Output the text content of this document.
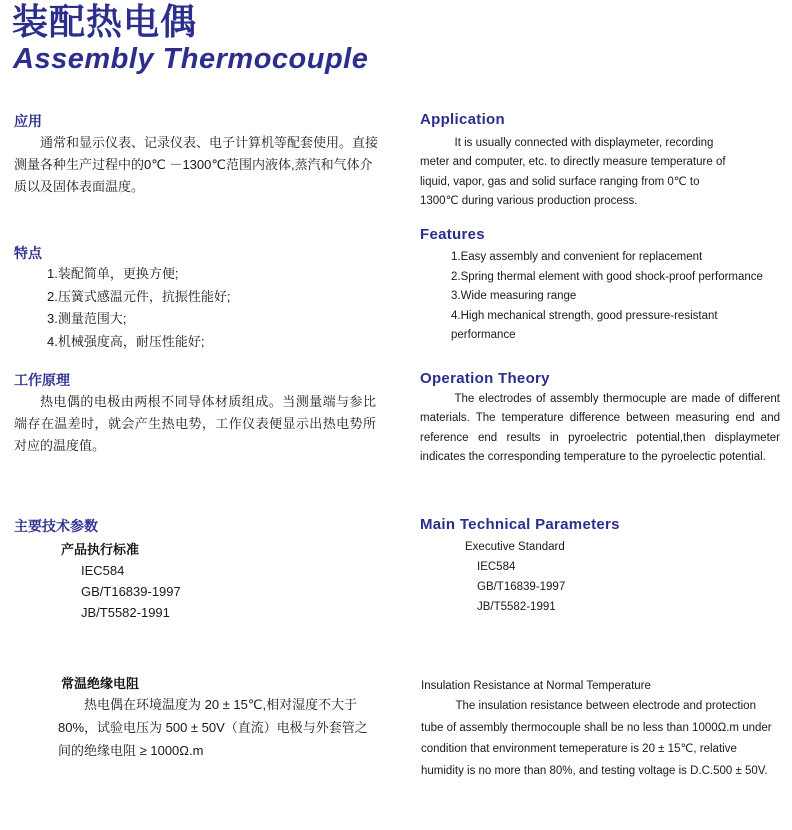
装配热电偶
Assembly Thermocouple
应用
通常和显示仪表、记录仪表、电子计算机等配套使用。直接测量各种生产过程中的0℃ －1300℃范围内液体,蒸汽和气体介质以及固体表面温度。
Application
It is usually connected with displaymeter, recording meter and computer, etc. to directly measure temperature of liquid, vapor, gas and solid surface ranging from 0℃ to 1300℃ during various production process.
特点
1.装配简单，更换方便;
2.压簧式感温元件，抗振性能好;
3.测量范围大;
4.机械强度高，耐压性能好;
Features
1.Easy assembly and convenient for replacement
2.Spring thermal element with good shock-proof performance
3.Wide measuring range
4.High mechanical strength, good pressure-resistant performance
工作原理
热电偶的电极由两根不同导体材质组成。当测量端与参比端存在温差时，就会产生热电势，工作仪表便显示出热电势所对应的温度值。
Operation Theory
The electrodes of assembly thermocuple are made of different materials. The temperature difference between measuring end and reference end results in pyroelectric potential,then displaymeter indicates the corresponding temperature to the pyroelectic potential.
主要技术参数
产品执行标准
IEC584
GB/T16839-1997
JB/T5582-1991
Main Technical Parameters
Executive Standard
IEC584
GB/T16839-1997
JB/T5582-1991
常温绝缘电阻
热电偶在环境温度为 20 ± 15℃,相对湿度不大于 80%，试验电压为 500 ± 50V（直流）电极与外套管之间的绝缘电阻 ≥ 1000Ω.m
Insulation Resistance at Normal Temperature
The insulation resistance between electrode and protection tube of assembly thermocouple shall be no less than 1000Ω.m under condition that environment temeperature is 20 ± 15℃, relative humidity is no more than 80%, and testing voltage is D.C.500 ± 50V.
